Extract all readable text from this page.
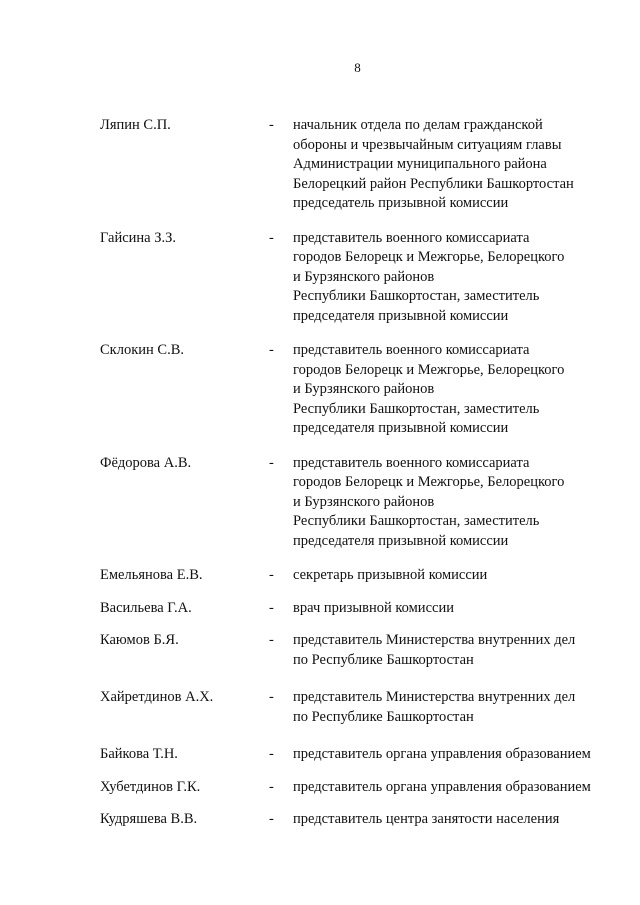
8
Ляпин С.П.	-	начальник отдела по делам гражданской
обороны и чрезвычайным ситуациям главы
Администрации муниципального района
Белорецкий район Республики Башкортостан
председатель призывной комиссии
Гайсина З.З.	-	представитель военного комиссариата
городов Белорецк и Межгорье, Белорецкого
и Бурзянского районов
Республики Башкортостан, заместитель
председателя призывной комиссии
Склокин С.В.	-	представитель военного комиссариата
городов Белорецк и Межгорье, Белорецкого
и Бурзянского районов
Республики Башкортостан, заместитель
председателя призывной комиссии
Фёдорова А.В.	-	представитель военного комиссариата
городов Белорецк и Межгорье, Белорецкого
и Бурзянского районов
Республики Башкортостан, заместитель
председателя призывной комиссии
Емельянова Е.В.	-	секретарь призывной комиссии
Васильева Г.А.	-	врач призывной комиссии
Каюмов Б.Я.	-	представитель Министерства внутренних дел
по Республике Башкортостан
Хайретдинов А.Х.	-	представитель Министерства внутренних дел
по Республике Башкортостан
Байкова Т.Н.	-	представитель органа управления образованием
Хубетдинов Г.К.	-	представитель органа управления образованием
Кудряшева В.В.	-	представитель центра занятости населения
